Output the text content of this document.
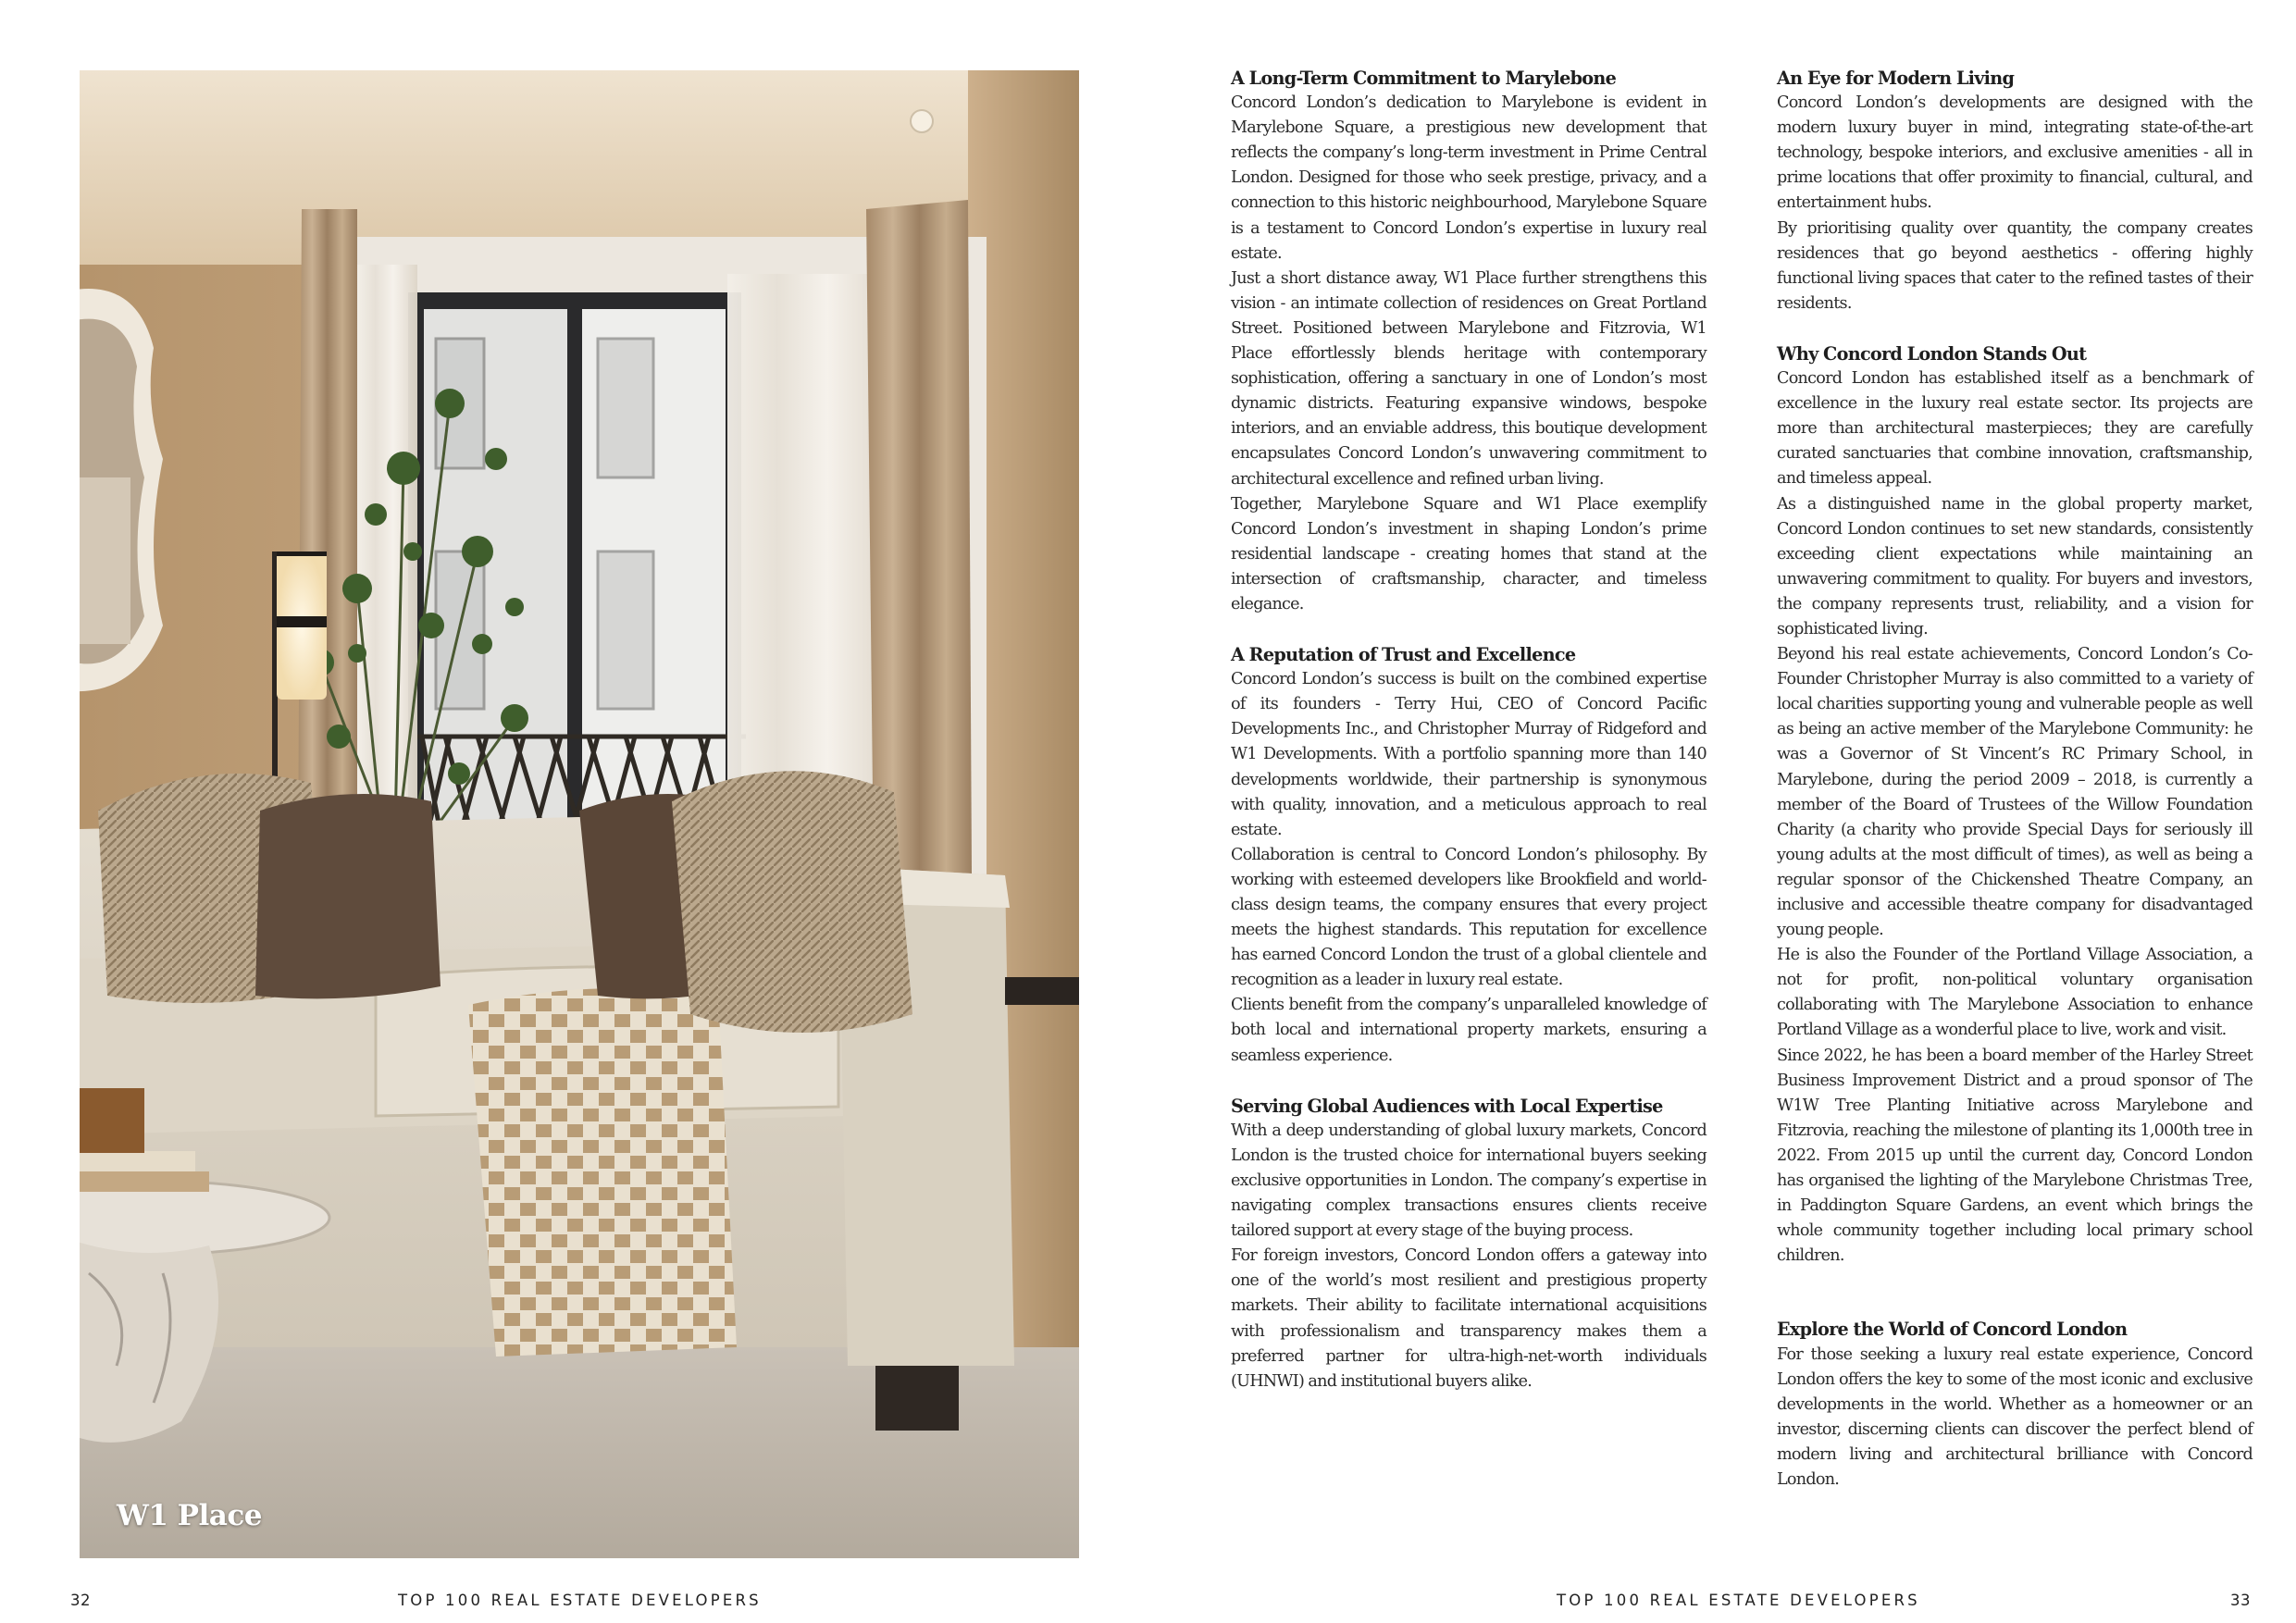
W1 Place
32	TOP 100 REAL ESTATE DEVELOPERS	TOP 100 REAL ESTATE DEVELOPERS	33
A Long-Term Commitment to Marylebone

Concord London’s dedication to Marylebone is evident in Marylebone Square, a prestigious new development that reflects the company’s long-term investment in Prime Central London. Designed for those who seek prestige, privacy, and a connection to this historic neighbourhood, Marylebone Square is a testament to Concord London’s expertise in luxury real estate.

Just a short distance away, W1 Place further strengthens this vision - an intimate collection of residences on Great Portland Street. Positioned between Marylebone and Fitzrovia, W1 Place effortlessly blends heritage with contemporary sophistication, offering a sanctuary in one of London’s most dynamic districts. Featuring expansive windows, bespoke interiors, and an enviable address, this boutique development encapsulates Concord London’s unwavering commitment to architectural excellence and refined urban living.

Together, Marylebone Square and W1 Place exemplify Concord London’s investment in shaping London’s prime residential landscape - creating homes that stand at the intersection of craftsmanship, character, and timeless elegance.

A Reputation of Trust and Excellence

Concord London’s success is built on the combined expertise of its founders - Terry Hui, CEO of Concord Pacific Developments Inc., and Christopher Murray of Ridgeford and W1 Developments. With a portfolio spanning more than 140 developments worldwide, their partnership is synonymous with quality, innovation, and a meticulous approach to real estate.

Collaboration is central to Concord London’s philosophy. By working with esteemed developers like Brookfield and world-class design teams, the company ensures that every project meets the highest standards. This reputation for excellence has earned Concord London the trust of a global clientele and recognition as a leader in luxury real estate.

Clients benefit from the company’s unparalleled knowledge of both local and international property markets, ensuring a seamless experience.

Serving Global Audiences with Local Expertise

With a deep understanding of global luxury markets, Concord London is the trusted choice for international buyers seeking exclusive opportunities in London. The company’s expertise in navigating complex transactions ensures clients receive tailored support at every stage of the buying process.

For foreign investors, Concord London offers a gateway into one of the world’s most resilient and prestigious property markets. Their ability to facilitate international acquisitions with professionalism and transparency makes them a preferred partner for ultra-high-net-worth individuals (UHNWI) and institutional buyers alike.

An Eye for Modern Living

Concord London’s developments are designed with the modern luxury buyer in mind, integrating state-of-the-art technology, bespoke interiors, and exclusive amenities - all in prime locations that offer proximity to financial, cultural, and entertainment hubs.

By prioritising quality over quantity, the company creates residences that go beyond aesthetics - offering highly functional living spaces that cater to the refined tastes of their residents.

Why Concord London Stands Out

Concord London has established itself as a benchmark of excellence in the luxury real estate sector. Its projects are more than architectural masterpieces; they are carefully curated sanctuaries that combine innovation, craftsmanship, and timeless appeal.

As a distinguished name in the global property market, Concord London continues to set new standards, consistently exceeding client expectations while maintaining an unwavering commitment to quality. For buyers and investors, the company represents trust, reliability, and a vision for sophisticated living.

Beyond his real estate achievements, Concord London’s Co-Founder Christopher Murray is also committed to a variety of local charities supporting young and vulnerable people as well as being an active member of the Marylebone Community: he was a Governor of St Vincent’s RC Primary School, in Marylebone, during the period 2009 – 2018, is currently a member of the Board of Trustees of the Willow Foundation Charity (a charity who provide Special Days for seriously ill young adults at the most difficult of times), as well as being a regular sponsor of the Chickenshed Theatre Company, an inclusive and accessible theatre company for disadvantaged young people.

He is also the Founder of the Portland Village Association, a not for profit, non-political voluntary organisation collaborating with The Marylebone Association to enhance Portland Village as a wonderful place to live, work and visit.

Since 2022, he has been a board member of the Harley Street Business Improvement District and a proud sponsor of The W1W Tree Planting Initiative across Marylebone and Fitzrovia, reaching the milestone of planting its 1,000th tree in 2022. From 2015 up until the current day, Concord London has organised the lighting of the Marylebone Christmas Tree, in Paddington Square Gardens, an event which brings the whole community together including local primary school children.

Explore the World of Concord London

For those seeking a luxury real estate experience, Concord London offers the key to some of the most iconic and exclusive developments in the world. Whether as a homeowner or an investor, discerning clients can discover the perfect blend of modern living and architectural brilliance with Concord London.
